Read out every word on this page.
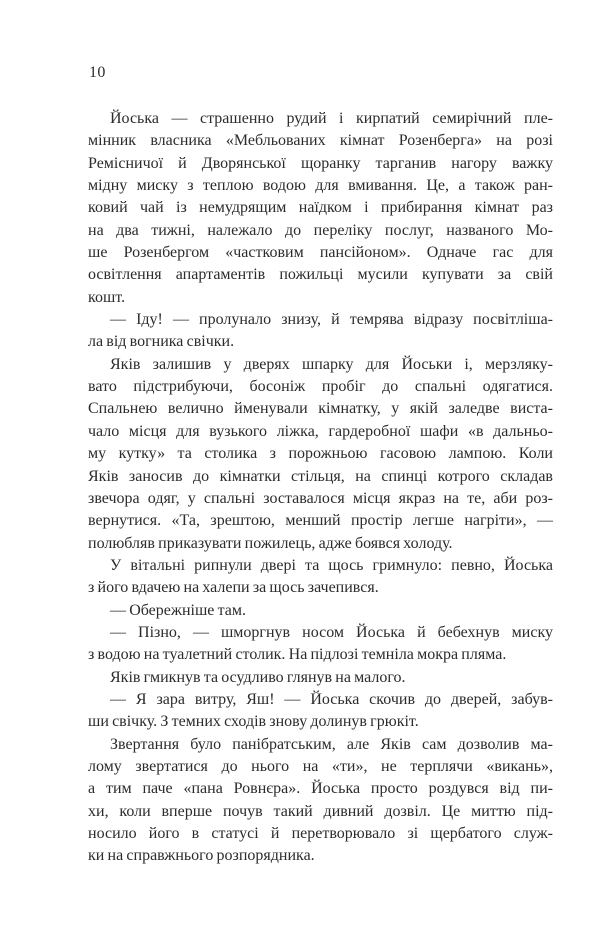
10

Йоська — страшенно рудий і кирпатий семирічний пле-
мінник власника «Мебльованих кімнат Розенберга» на розі
Ремісничої й Дворянської щоранку тарганив нагору важку
мідну миску з теплою водою для вмивання. Це, а також ран-
ковий чай із немудрящим наїдком і прибирання кімнат раз
на два тижні, належало до переліку послуг, названого Мо-
ше Розенбергом «частковим пансійоном». Одначе гас для
освітлення апартаментів пожильці мусили купувати за свій
кошт.

— Іду! — пролунало знизу, й темрява відразу посвітліша-
ла від вогника свічки.

Яків залишив у дверях шпарку для Йоськи і, мерзляку-
вато підстрибуючи, босоніж пробіг до спальні одягатися.
Спальнею велично йменували кімнатку, у якій заледве виста-
чало місця для вузького ліжка, гардеробної шафи «в дальньо-
му кутку» та столика з порожньою гасовою лампою. Коли
Яків заносив до кімнатки стільця, на спинці котрого складав
звечора одяг, у спальні зоставалося місця якраз на те, аби роз-
вернутися. «Та, зрештою, менший простір легше нагріти», —
полюбляв приказувати пожилець, адже боявся холоду.

У вітальні рипнули двері та щось гримнуло: певно, Йоська
з його вдачею на халепи за щось зачепився.

— Обережніше там.

— Пізно, — шморгнув носом Йоська й бебехнув миску
з водою на туалетний столик. На підлозі темніла мокра пляма.

Яків гмикнув та осудливо глянув на малого.

— Я зара витру, Яш! — Йоська скочив до дверей, забув-
ши свічку. З темних сходів знову долинув грюкіт.

Звертання було панібратським, але Яків сам дозволив ма-
лому звертатися до нього на «ти», не терплячи «викань»,
а тим паче «пана Ровнєра». Йоська просто роздувся від пи-
хи, коли вперше почув такий дивний дозвіл. Це миттю під-
носило його в статусі й перетворювало зі щербатого служ-
ки на справжнього розпорядника.
